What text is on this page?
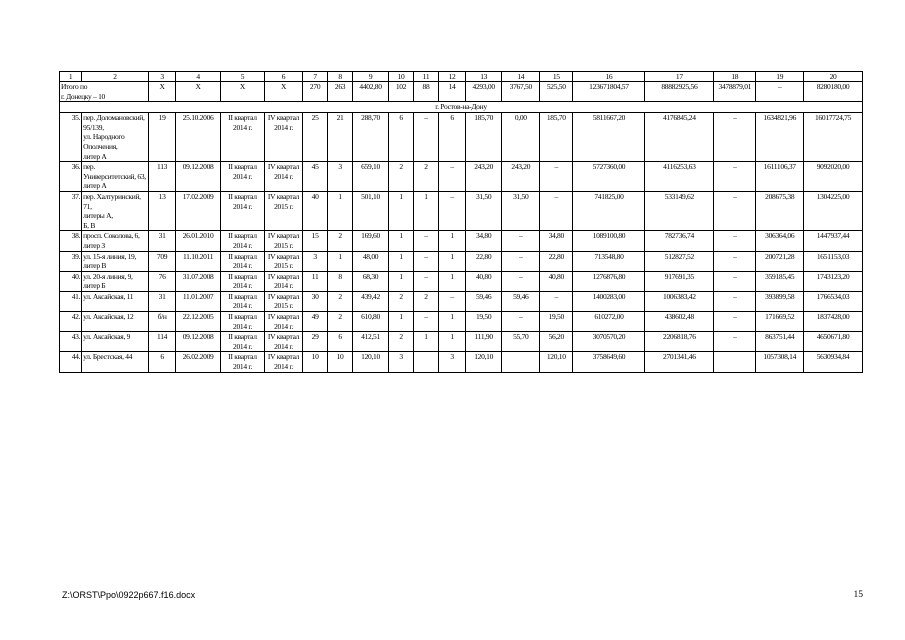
1	2	3	4	5	6	7	8	9	10	11	12	13	14	15	16	17	18	19	20
Итого по
г. Донецку – 10		X	X	X	X	270	263	4402,80	102	88	14	4293,00	3767,50	525,50	123671804,57	88882925,56	3478879,01	–	8280180,00
г. Ростов-на-Дону																			
35.	пер. Доломановский,
95/139,
ул. Народного Ополчения,
литер А	19	25.10.2006	II квартал 2014 г.	IV квартал 2014 г.	25	21	288,70	6	–	6	185,70	0,00	185,70	5811667,20	4176845,24	–	1634821,96	16017724,75
36.	пер. Университетский, 63,
литер А	113	09.12.2008	II квартал 2014 г.	IV квартал 2014 г.	45	3	659,10	2	2	–	243,20	243,20	–	5727360,00	4116253,63	–	1611106,37	9092020,00
37.	пер. Халтуринский, 71,
литеры А,
Б, В	13	17.02.2009	II квартал 2014 г.	IV квартал 2015 г.	40	1	501,10	1	1	–	31,50	31,50	–	741825,00	533149,62	–	208675,38	1304225,00
38.	просп. Соколова, 6,
литер З	31	26.01.2010	II квартал 2014 г.	IV квартал 2015 г.	15	2	169,60	1	–	1	34,80	–	34,80	1089100,80	782736,74	–	306364,06	1447937,44
39.	ул. 15-я линия, 19,
литер В	709	11.10.2011	II квартал 2014 г.	IV квартал 2015 г.	3	1	48,00	1	–	1	22,80	–	22,80	713548,80	512827,52	–	200721,28	1651153,03
40.	ул. 20-я линия, 9,
литер Б	76	31.07.2008	II квартал 2014 г.	IV квартал 2014 г.	11	8	68,30	1	–	1	40,80	–	40,80	1276876,80	917691,35	–	359185,45	1743123,20
41.	ул. Аксайская, 11	31	11.01.2007	II квартал 2014 г.	IV квартал 2015 г.	30	2	439,42	2	2	–	59,46	59,46	–	1400283,00	1006383,42	–	393899,58	1766534,03
42.	ул. Аксайская, 12	б/н	22.12.2005	II квартал 2014 г.	IV квартал 2014 г.	49	2	610,80	1	–	1	19,50	–	19,50	610272,00	438602,48	–	171669,52	1837428,00
43.	ул. Аксайская, 9	114	09.12.2008	II квартал 2014 г.	IV квартал 2014 г.	29	6	412,51	2	1	1	111,90	55,70	56,20	3070570,20	2206818,76	–	863751,44	4650671,80
44.	ул. Брестская, 44	6	26.02.2009	II квартал 2014 г.	IV квартал 2014 г.	10	10	120,10	3		3	120,10		120,10	3758649,60	2701341,46		1057308,14	5630934,84
Z:\ORST\Ppo\0922p667.f16.docx	15
